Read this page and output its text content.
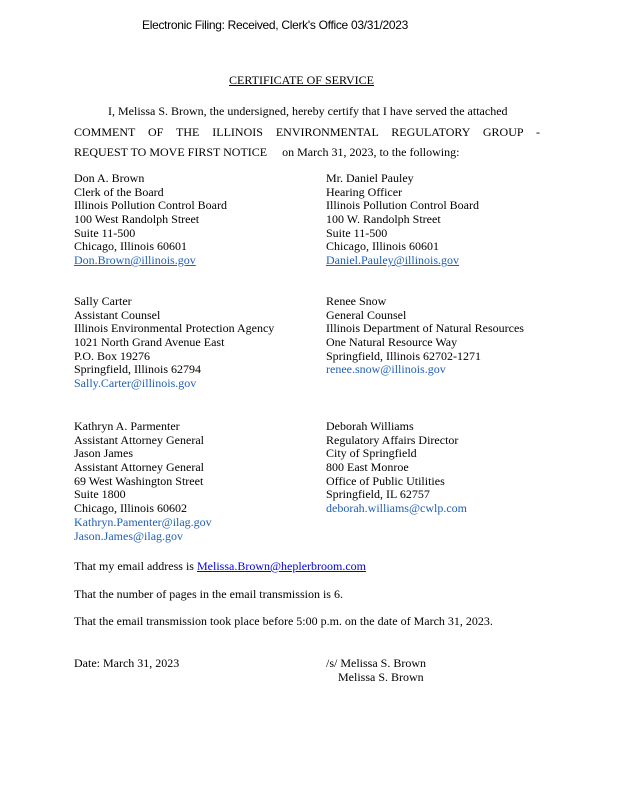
Electronic Filing: Received, Clerk's Office 03/31/2023
CERTIFICATE OF SERVICE
I, Melissa S. Brown, the undersigned, hereby certify that I have served the attached
COMMENT OF THE ILLINOIS ENVIRONMENTAL REGULATORY GROUP -
REQUEST TO MOVE FIRST NOTICE on March 31, 2023, to the following:
Don A. Brown
Clerk of the Board
Illinois Pollution Control Board
100 West Randolph Street
Suite 11-500
Chicago, Illinois 60601
Don.Brown@illinois.gov
Mr. Daniel Pauley
Hearing Officer
Illinois Pollution Control Board
100 W. Randolph Street
Suite 11-500
Chicago, Illinois 60601
Daniel.Pauley@illinois.gov
Sally Carter
Assistant Counsel
Illinois Environmental Protection Agency
1021 North Grand Avenue East
P.O. Box 19276
Springfield, Illinois 62794
Sally.Carter@illinois.gov
Renee Snow
General Counsel
Illinois Department of Natural Resources
One Natural Resource Way
Springfield, Illinois 62702-1271
renee.snow@illinois.gov
Kathryn A. Parmenter
Assistant Attorney General
Jason James
Assistant Attorney General
69 West Washington Street
Suite 1800
Chicago, Illinois 60602
Kathryn.Pamenter@ilag.gov
Jason.James@ilag.gov
Deborah Williams
Regulatory Affairs Director
City of Springfield
800 East Monroe
Office of Public Utilities
Springfield, IL 62757
deborah.williams@cwlp.com
That my email address is Melissa.Brown@heplerbroom.com
That the number of pages in the email transmission is 6.
That the email transmission took place before 5:00 p.m. on the date of March 31, 2023.
Date: March 31, 2023	/s/ Melissa S. Brown
Melissa S. Brown
